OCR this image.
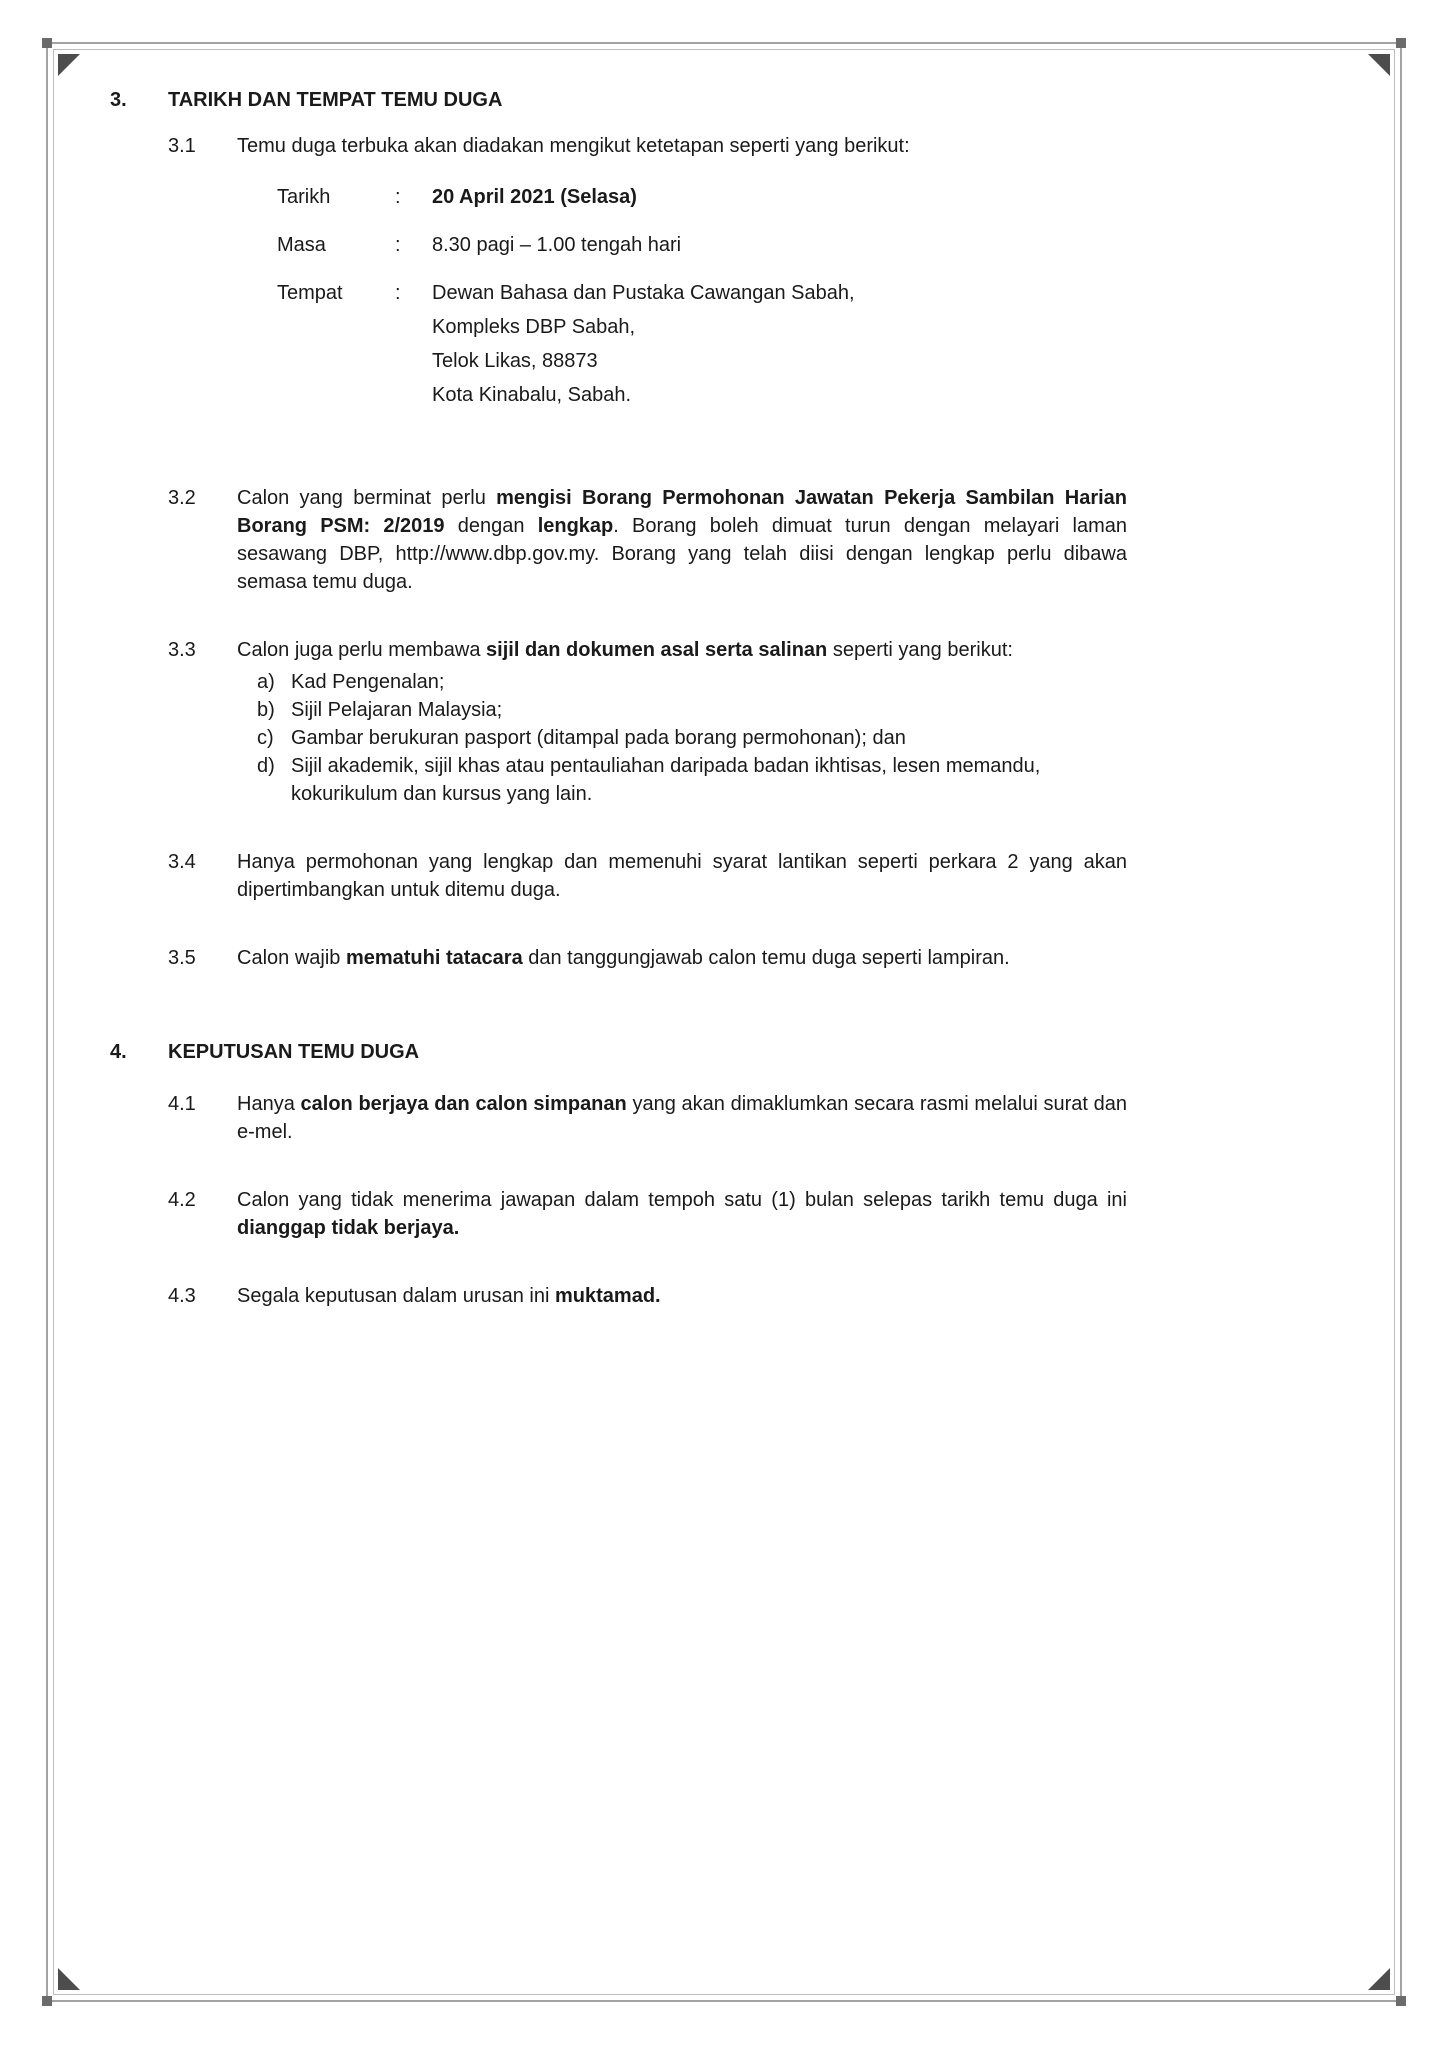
3.	TARIKH DAN TEMPAT TEMU DUGA
3.1	Temu duga terbuka akan diadakan mengikut ketetapan seperti yang berikut:

Tarikh	:	20 April 2021 (Selasa)
Masa	:	8.30 pagi – 1.00 tengah hari
Tempat	:	Dewan Bahasa dan Pustaka Cawangan Sabah,
Kompleks DBP Sabah,
Telok Likas, 88873
Kota Kinabalu, Sabah.
3.2	Calon yang berminat perlu mengisi Borang Permohonan Jawatan Pekerja Sambilan Harian Borang PSM: 2/2019 dengan lengkap. Borang boleh dimuat turun dengan melayari laman sesawang DBP, http://www.dbp.gov.my. Borang yang telah diisi dengan lengkap perlu dibawa semasa temu duga.

3.3	Calon juga perlu membawa sijil dan dokumen asal serta salinan seperti yang berikut:

a) Kad Pengenalan;
b) Sijil Pelajaran Malaysia;
c) Gambar berukuran pasport (ditampal pada borang permohonan); dan
d) Sijil akademik, sijil khas atau pentauliahan daripada badan ikhtisas, lesen memandu, kokurikulum dan kursus yang lain.
3.4	Hanya permohonan yang lengkap dan memenuhi syarat lantikan seperti perkara 2 yang akan dipertimbangkan untuk ditemu duga.

3.5	Calon wajib mematuhi tatacara dan tanggungjawab calon temu duga seperti lampiran.

4.	KEPUTUSAN TEMU DUGA
4.1	Hanya calon berjaya dan calon simpanan yang akan dimaklumkan secara rasmi melalui surat dan e-mel.

4.2	Calon yang tidak menerima jawapan dalam tempoh satu (1) bulan selepas tarikh temu duga ini dianggap tidak berjaya.

4.3	Segala keputusan dalam urusan ini muktamad.
